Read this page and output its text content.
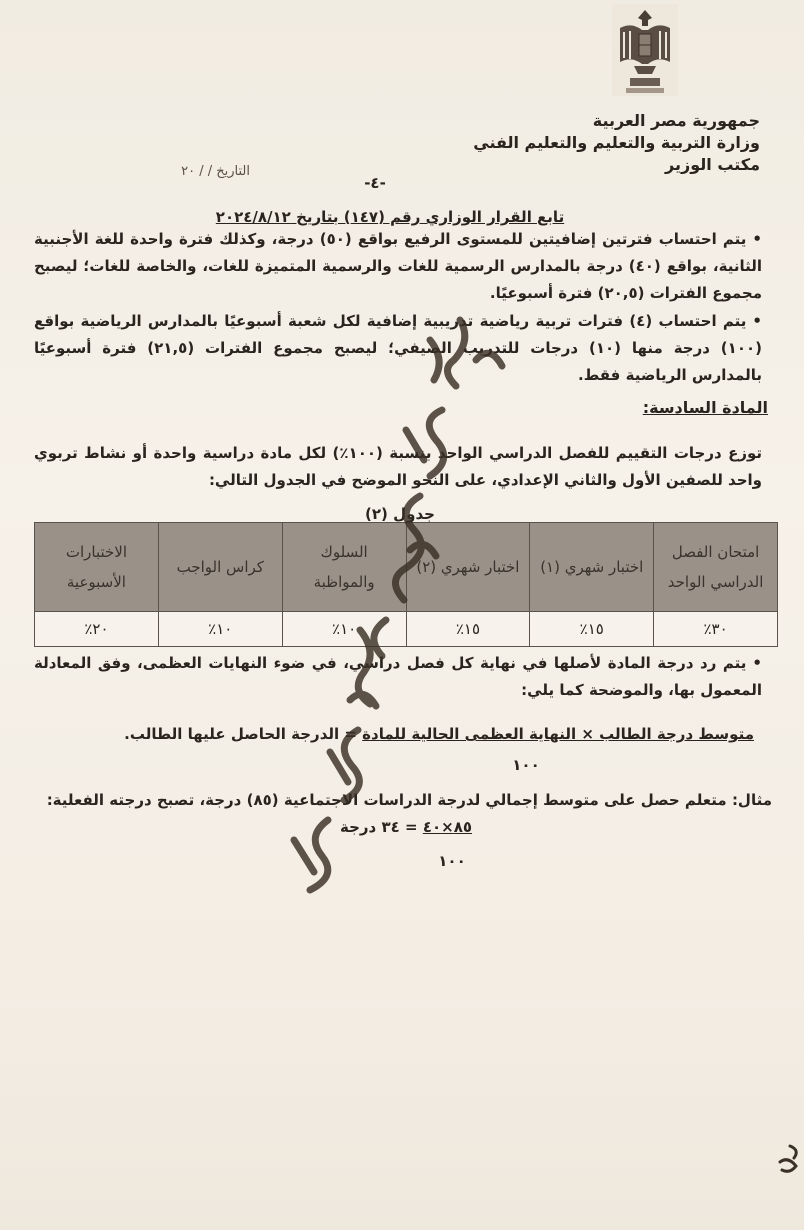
جمهورية مصر العربية
وزارة التربية والتعليم والتعليم الفني
مكتب الوزير
-٤-
التاريخ / / ٢٠
تابع القرار الوزاري رقم (١٤٧) بتاريخ ٢٠٢٤/٨/١٢
•يتم احتساب فترتين إضافيتين للمستوى الرفيع بواقع (٥٠) درجة، وكذلك فترة واحدة للغة الأجنبية الثانية، بواقع (٤٠) درجة بالمدارس الرسمية للغات والرسمية المتميزة للغات، والخاصة للغات؛ ليصبح مجموع الفترات (٢٠,٥) فترة أسبوعيًا.
•يتم احتساب (٤) فترات تربية رياضية تدريبية إضافية لكل شعبة أسبوعيًا بالمدارس الرياضية بواقع (١٠٠) درجة منها (١٠) درجات للتدريب الصيفي؛ ليصبح مجموع الفترات (٢١,٥) فترة أسبوعيًا بالمدارس الرياضية فقط.
المادة السادسة:
توزع درجات التقييم للفصل الدراسي الواحد بنسبة (١٠٠٪) لكل مادة دراسية واحدة أو نشاط تربوي واحد للصفين الأول والثاني الإعدادي، على النحو الموضح في الجدول التالي:
جدول (٢)
امتحان الفصل الدراسي الواحد	اختبار شهري (١)	اختبار شهري (٢)	السلوك والمواظبة	كراس الواجب	الاختبارات الأسبوعية
٣٠٪	١٥٪	١٥٪	١٠٪	١٠٪	٢٠٪
•يتم رد درجة المادة لأصلها في نهاية كل فصل دراسي، في ضوء النهايات العظمى، وفق المعادلة المعمول بها، والموضحة كما يلي:
متوسط درجة الطالب × النهاية العظمى الحالية للمادة = الدرجة الحاصل عليها الطالب.
١٠٠
مثال: متعلم حصل على متوسط إجمالي لدرجة الدراسات الاجتماعية (٨٥) درجة، تصبح درجته الفعلية:
٨٥×٤٠ = ٣٤ درجة
١٠٠
